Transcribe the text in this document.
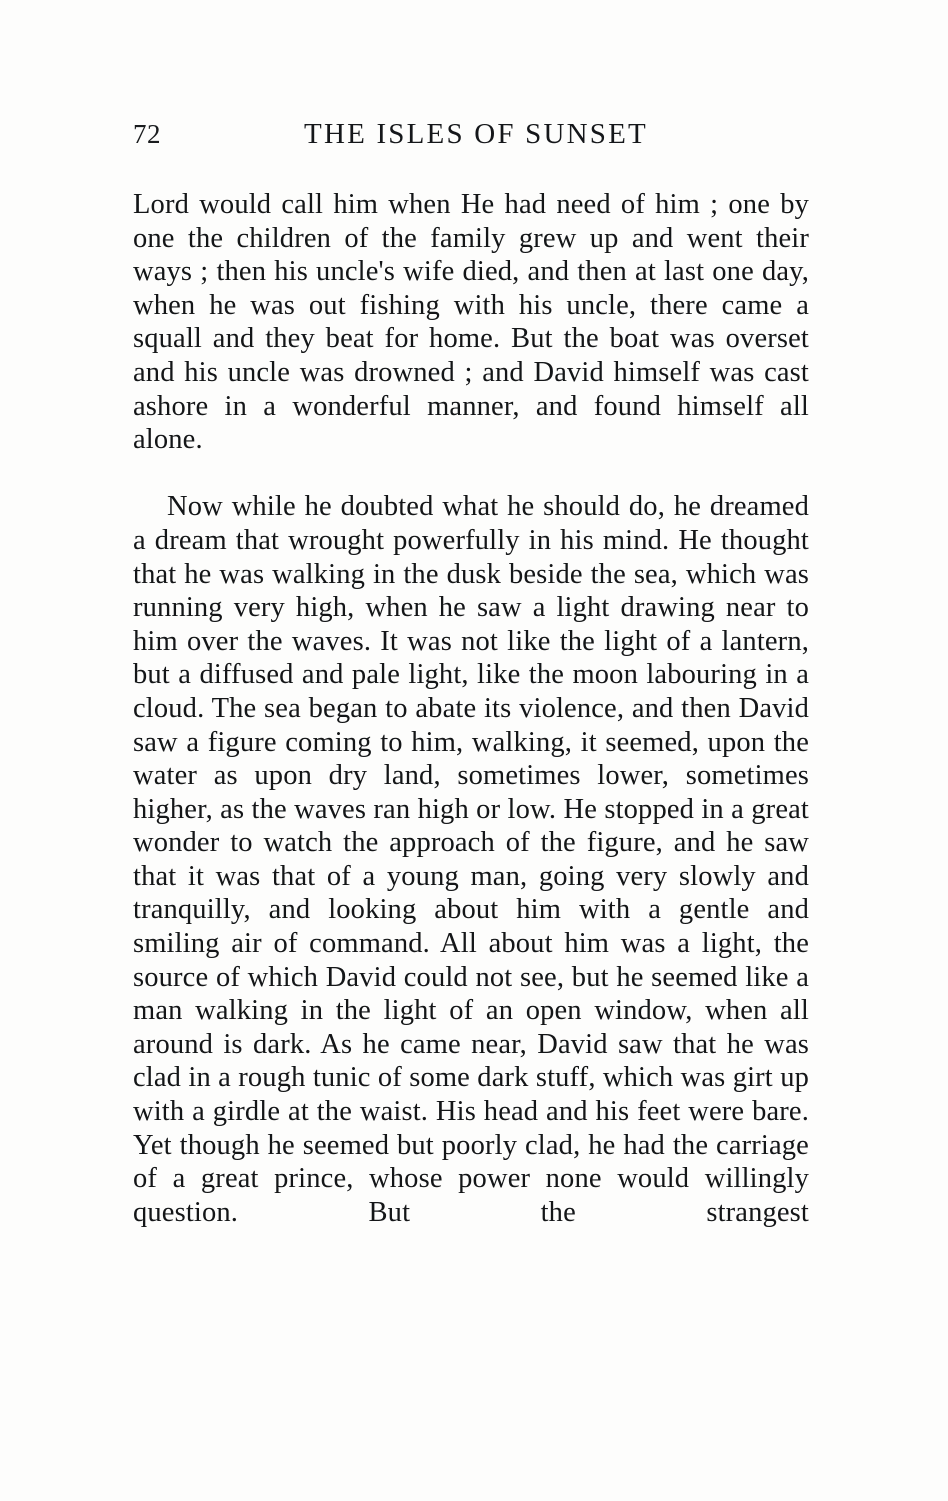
72	THE ISLES OF SUNSET

Lord would call him when He had need of him ; one by one the children of the family grew up and went their ways ; then his uncle's wife died, and then at last one day, when he was out fishing with his uncle, there came a squall and they beat for home. But the boat was overset and his uncle was drowned ; and David himself was cast ashore in a wonderful manner, and found himself all alone.

Now while he doubted what he should do, he dreamed a dream that wrought powerfully in his mind. He thought that he was walking in the dusk beside the sea, which was running very high, when he saw a light drawing near to him over the waves. It was not like the light of a lantern, but a diffused and pale light, like the moon labouring in a cloud. The sea began to abate its violence, and then David saw a figure coming to him, walking, it seemed, upon the water as upon dry land, sometimes lower, sometimes higher, as the waves ran high or low. He stopped in a great wonder to watch the approach of the figure, and he saw that it was that of a young man, going very slowly and tranquilly, and looking about him with a gentle and smiling air of command. All about him was a light, the source of which David could not see, but he seemed like a man walking in the light of an open window, when all around is dark. As he came near, David saw that he was clad in a rough tunic of some dark stuff, which was girt up with a girdle at the waist. His head and his feet were bare. Yet though he seemed but poorly clad, he had the carriage of a great prince, whose power none would willingly question. But the strangest
